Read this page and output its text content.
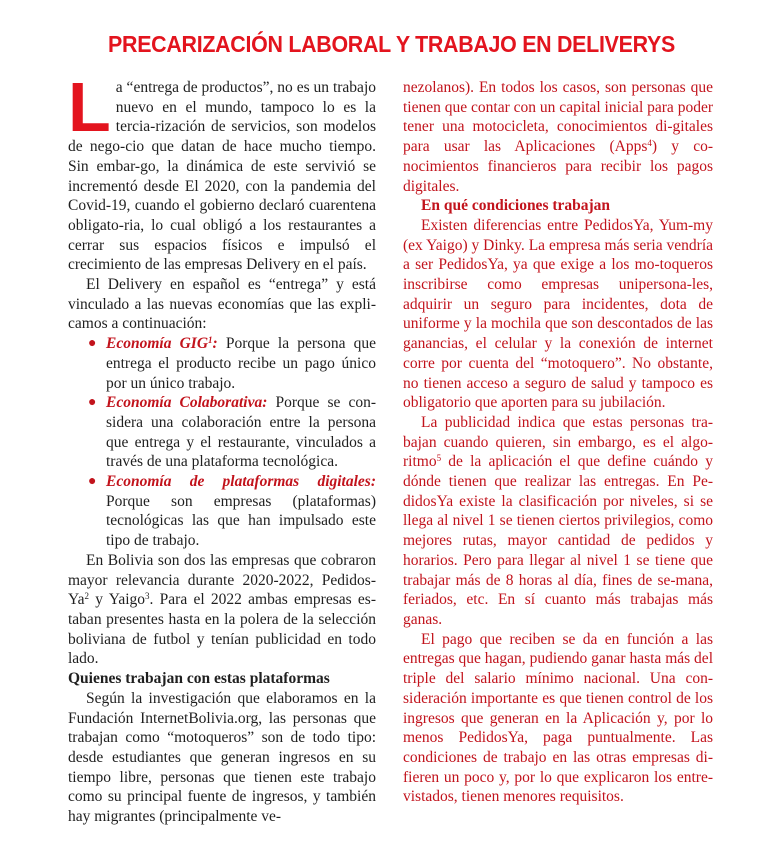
PRECARIZACIÓN LABORAL Y TRABAJO EN DELIVERYS

La “entrega de productos”, no es un trabajo nuevo en el mundo, tampoco lo es la tercia-rización de servicios, son modelos de nego-cio que datan de hace mucho tiempo. Sin embar-go, la dinámica de este servivió se incrementó desde El 2020, con la pandemia del Covid-19, cuando el gobierno declaró cuarentena obligato-ria, lo cual obligó a los restaurantes a cerrar sus espacios físicos e impulsó el crecimiento de las empresas Delivery en el país.

El Delivery en español es “entrega” y está vinculado a las nuevas economías que las expli-camos a continuación:

● Economía GIG$^1$: Porque la persona que entrega el producto recibe un pago único por un único trabajo.
● Economía Colaborativa: Porque se con-sidera una colaboración entre la persona que entrega y el restaurante, vinculados a través de una plataforma tecnológica.
● Economía de plataformas digitales: Porque son empresas (plataformas) tecnológicas las que han impulsado este tipo de trabajo.

En Bolivia son dos las empresas que cobraron mayor relevancia durante 2020-2022, Pedidos-Ya$^2$ y Yaigo$^3$. Para el 2022 ambas empresas es-taban presentes hasta en la polera de la selección boliviana de futbol y tenían publicidad en todo lado.

Quienes trabajan con estas plataformas

Según la investigación que elaboramos en la Fundación InternetBolivia.org, las personas que trabajan como “motoqueros” son de todo tipo: desde estudiantes que generan ingresos en su tiempo libre, personas que tienen este trabajo como su principal fuente de ingresos, y también hay migrantes (principalmente ve-

nezolanos). En todos los casos, son personas que tienen que contar con un capital inicial para poder tener una motocicleta, conocimientos di-gitales para usar las Aplicaciones (Apps$^4$) y co-nocimientos financieros para recibir los pagos digitales.

En qué condiciones trabajan

Existen diferencias entre PedidosYa, Yum-my (ex Yaigo) y Dinky. La empresa más seria vendría a ser PedidosYa, ya que exige a los mo-toqueros inscribirse como empresas unipersona-les, adquirir un seguro para incidentes, dota de uniforme y la mochila que son descontados de las ganancias, el celular y la conexión de internet corre por cuenta del “motoquero”. No obstante, no tienen acceso a seguro de salud y tampoco es obligatorio que aporten para su jubilación.

La publicidad indica que estas personas tra-bajan cuando quieren, sin embargo, es el algo-ritmo$^5$ de la aplicación el que define cuándo y dónde tienen que realizar las entregas. En Pe-didosYa existe la clasificación por niveles, si se llega al nivel 1 se tienen ciertos privilegios, como mejores rutas, mayor cantidad de pedidos y horarios. Pero para llegar al nivel 1 se tiene que trabajar más de 8 horas al día, fines de se-mana, feriados, etc. En sí cuanto más trabajas más ganas.

El pago que reciben se da en función a las entregas que hagan, pudiendo ganar hasta más del triple del salario mínimo nacional. Una con-sideración importante es que tienen control de los ingresos que generan en la Aplicación y, por lo menos PedidosYa, paga puntualmente. Las condiciones de trabajo en las otras empresas di-fieren un poco y, por lo que explicaron los entre-vistados, tienen menores requisitos.
